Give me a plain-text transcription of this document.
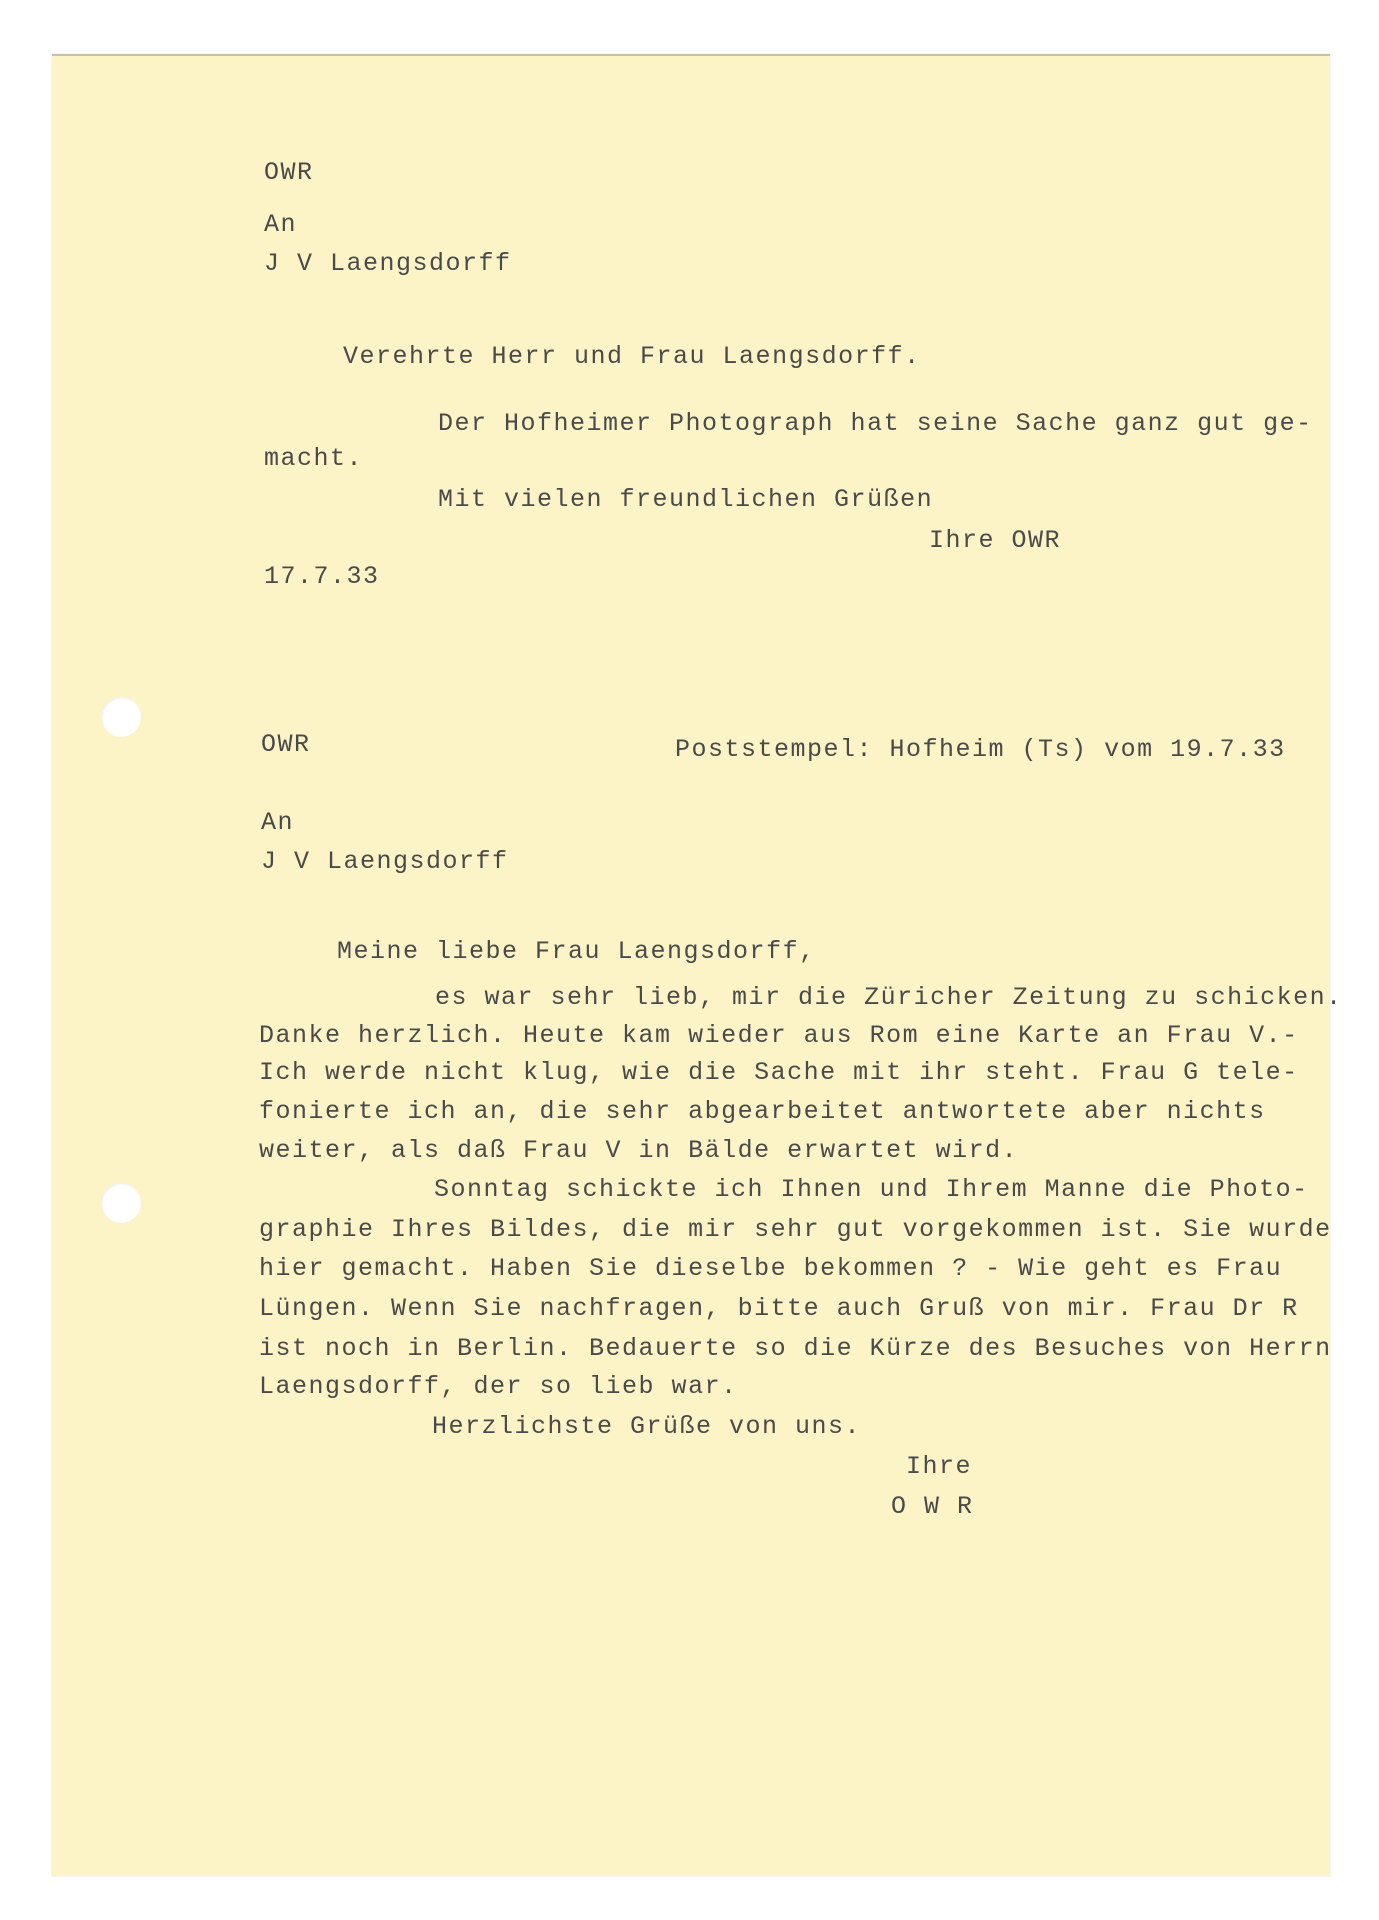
OWR
An
J V Laengsdorff
Verehrte Herr und Frau Laengsdorff.
Der Hofheimer Photograph hat seine Sache ganz gut ge-
macht.
Mit vielen freundlichen Grüßen
Ihre OWR
17.7.33
OWR	Poststempel: Hofheim (Ts) vom 19.7.33
An
J V Laengsdorff
Meine liebe Frau Laengsdorff,
es war sehr lieb, mir die Züricher Zeitung zu schicken.
Danke herzlich. Heute kam wieder aus Rom eine Karte an Frau V.-
Ich werde nicht klug, wie die Sache mit ihr steht. Frau G tele-
fonierte ich an, die sehr abgearbeitet antwortete aber nichts
weiter, als daß Frau V in Bälde erwartet wird.
Sonntag schickte ich Ihnen und Ihrem Manne die Photo-
graphie Ihres Bildes, die mir sehr gut vorgekommen ist. Sie wurde
hier gemacht. Haben Sie dieselbe bekommen ? - Wie geht es Frau
Lüngen. Wenn Sie nachfragen, bitte auch Gruß von mir. Frau Dr R
ist noch in Berlin. Bedauerte so die Kürze des Besuches von Herrn
Laengsdorff, der so lieb war.
Herzlichste Grüße von uns.
Ihre
O W R
